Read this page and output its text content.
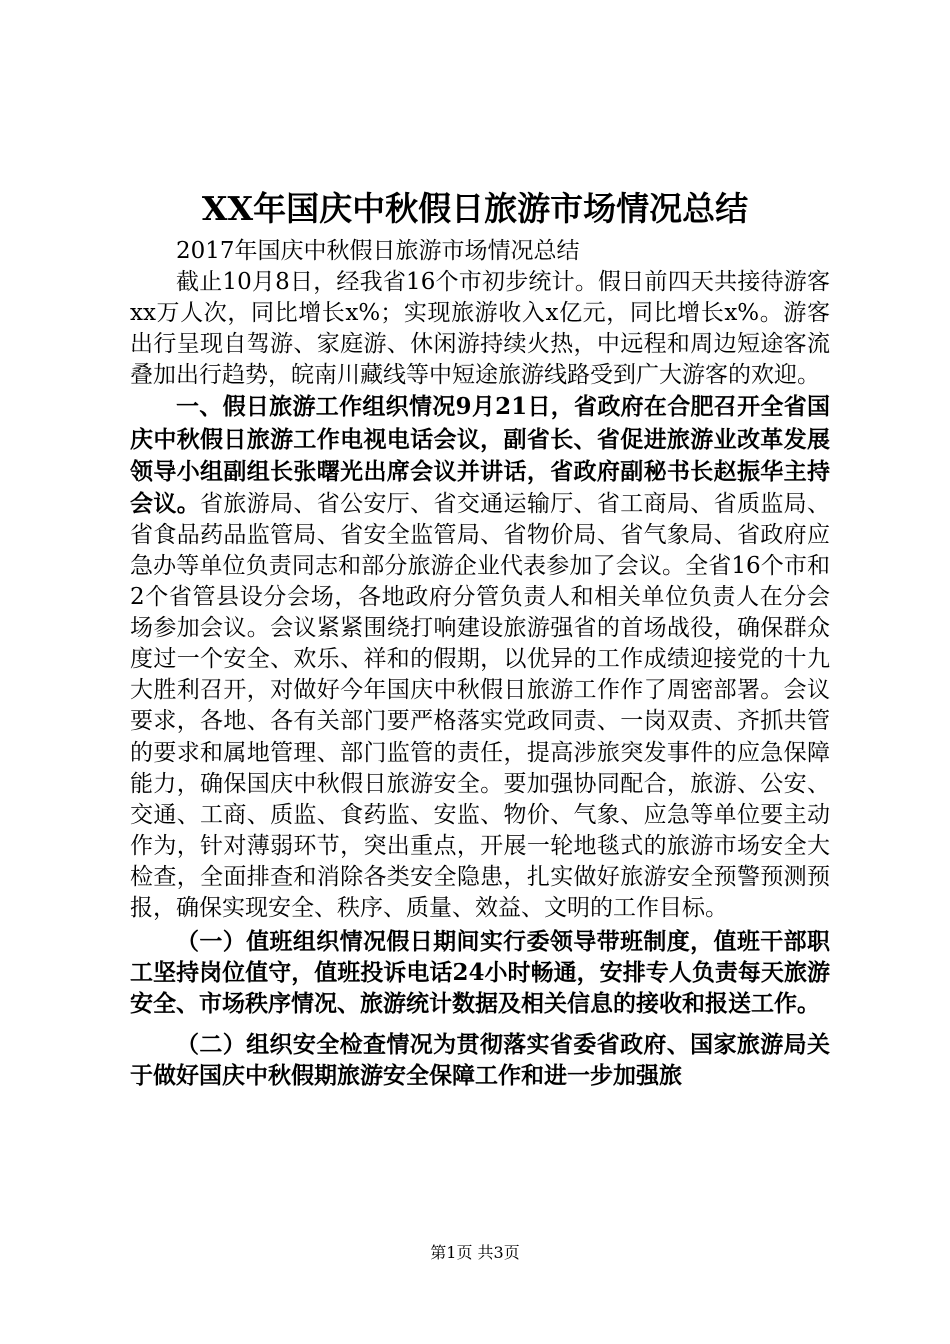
XX年国庆中秋假日旅游市场情况总结

2017年国庆中秋假日旅游市场情况总结

截止10月8日，经我省16个市初步统计。假日前四天共接待游客xx万人次，同比增长x%；实现旅游收入x亿元，同比增长x%。游客出行呈现自驾游、家庭游、休闲游持续火热，中远程和周边短途客流叠加出行趋势，皖南川藏线等中短途旅游线路受到广大游客的欢迎。

一、假日旅游工作组织情况9月21日，省政府在合肥召开全省国庆中秋假日旅游工作电视电话会议，副省长、省促进旅游业改革发展领导小组副组长张曙光出席会议并讲话，省政府副秘书长赵振华主持会议。省旅游局、省公安厅、省交通运输厅、省工商局、省质监局、省食品药品监管局、省安全监管局、省物价局、省气象局、省政府应急办等单位负责同志和部分旅游企业代表参加了会议。全省16个市和2个省管县设分会场，各地政府分管负责人和相关单位负责人在分会场参加会议。会议紧紧围绕打响建设旅游强省的首场战役，确保群众度过一个安全、欢乐、祥和的假期，以优异的工作成绩迎接党的十九大胜利召开，对做好今年国庆中秋假日旅游工作作了周密部署。会议要求，各地、各有关部门要严格落实党政同责、一岗双责、齐抓共管的要求和属地管理、部门监管的责任，提高涉旅突发事件的应急保障能力，确保国庆中秋假日旅游安全。要加强协同配合，旅游、公安、交通、工商、质监、食药监、安监、物价、气象、应急等单位要主动作为，针对薄弱环节，突出重点，开展一轮地毯式的旅游市场安全大检查，全面排查和消除各类安全隐患，扎实做好旅游安全预警预测预报，确保实现安全、秩序、质量、效益、文明的工作目标。

（一）值班组织情况假日期间实行委领导带班制度，值班干部职工坚持岗位值守，值班投诉电话24小时畅通，安排专人负责每天旅游安全、市场秩序情况、旅游统计数据及相关信息的接收和报送工作。

（二）组织安全检查情况为贯彻落实省委省政府、国家旅游局关于做好国庆中秋假期旅游安全保障工作和进一步加强旅

第1页 共3页
